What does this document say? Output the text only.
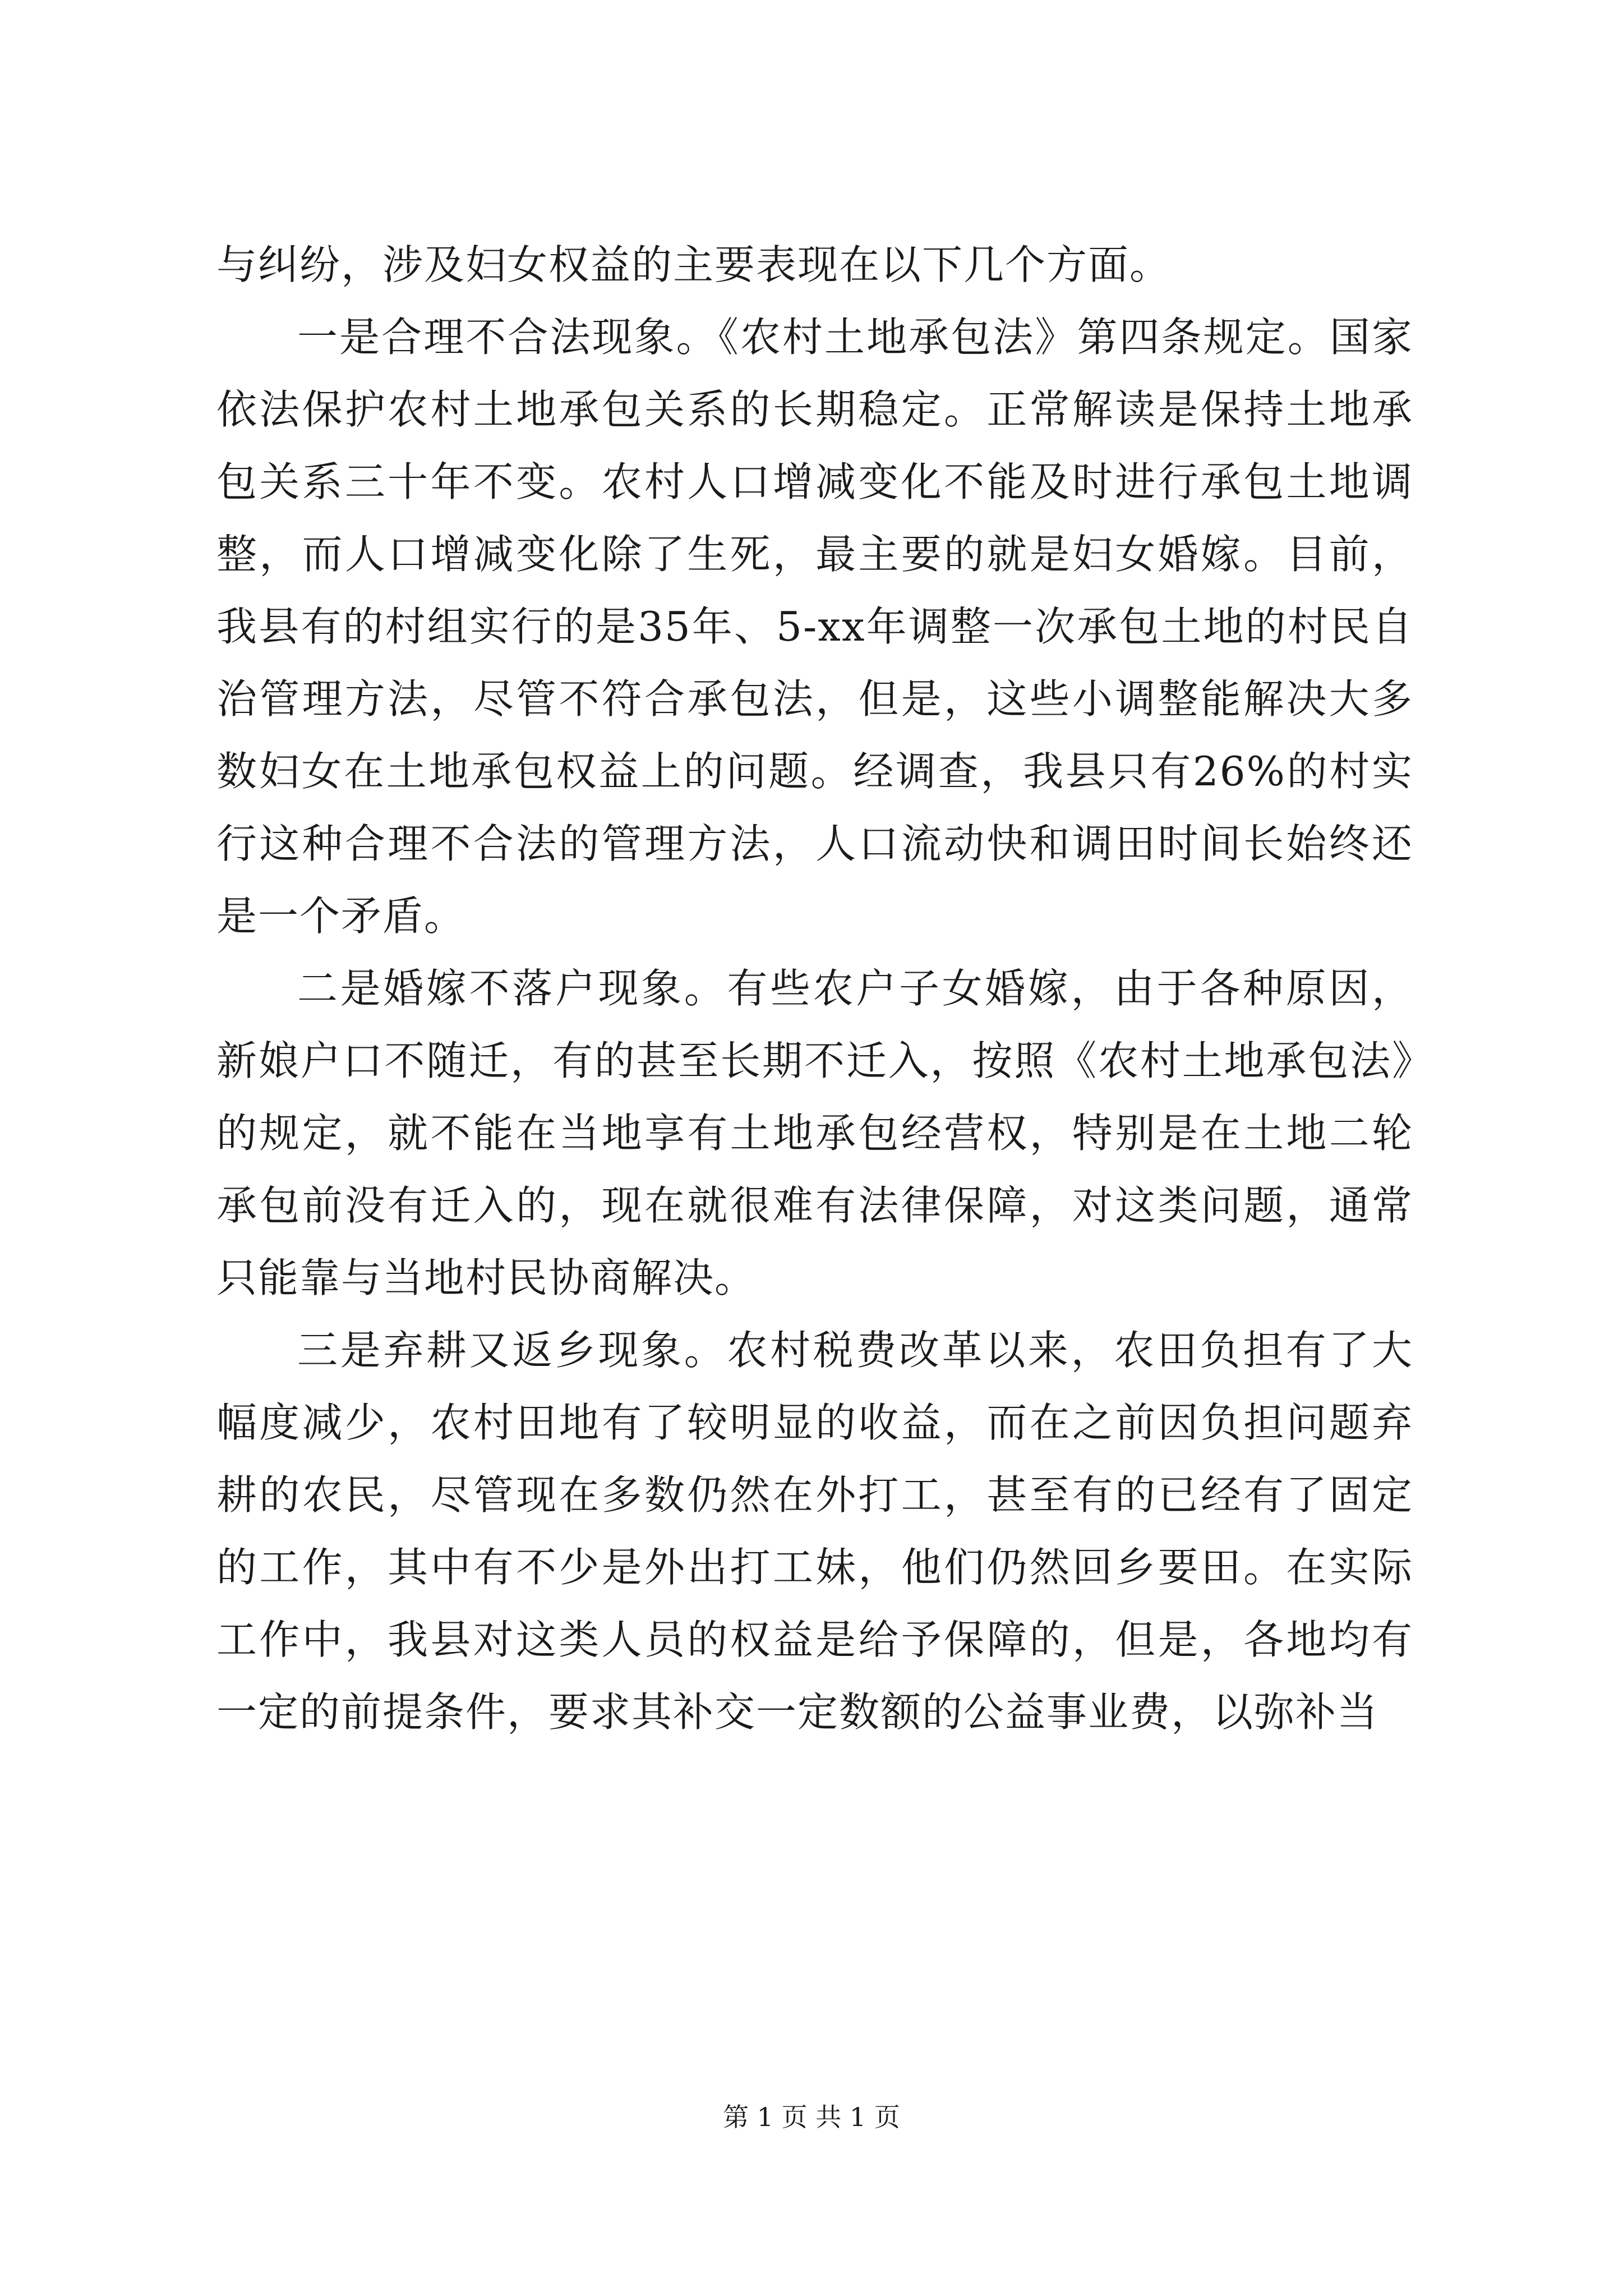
与纠纷，涉及妇女权益的主要表现在以下几个方面。

一是合理不合法现象。《农村土地承包法》第四条规定。国家依法保护农村土地承包关系的长期稳定。正常解读是保持土地承包关系三十年不变。农村人口增减变化不能及时进行承包土地调整，而人口增减变化除了生死，最主要的就是妇女婚嫁。目前，我县有的村组实行的是35年、5-xx年调整一次承包土地的村民自治管理方法，尽管不符合承包法，但是，这些小调整能解决大多数妇女在土地承包权益上的问题。经调查，我县只有26%的村实行这种合理不合法的管理方法，人口流动快和调田时间长始终还是一个矛盾。

二是婚嫁不落户现象。有些农户子女婚嫁，由于各种原因，新娘户口不随迁，有的甚至长期不迁入，按照《农村土地承包法》的规定，就不能在当地享有土地承包经营权，特别是在土地二轮承包前没有迁入的，现在就很难有法律保障，对这类问题，通常只能靠与当地村民协商解决。

三是弃耕又返乡现象。农村税费改革以来，农田负担有了大幅度减少，农村田地有了较明显的收益，而在之前因负担问题弃耕的农民，尽管现在多数仍然在外打工，甚至有的已经有了固定的工作，其中有不少是外出打工妹，他们仍然回乡要田。在实际工作中，我县对这类人员的权益是给予保障的，但是，各地均有一定的前提条件，要求其补交一定数额的公益事业费，以弥补当

第 1 页 共 1 页
